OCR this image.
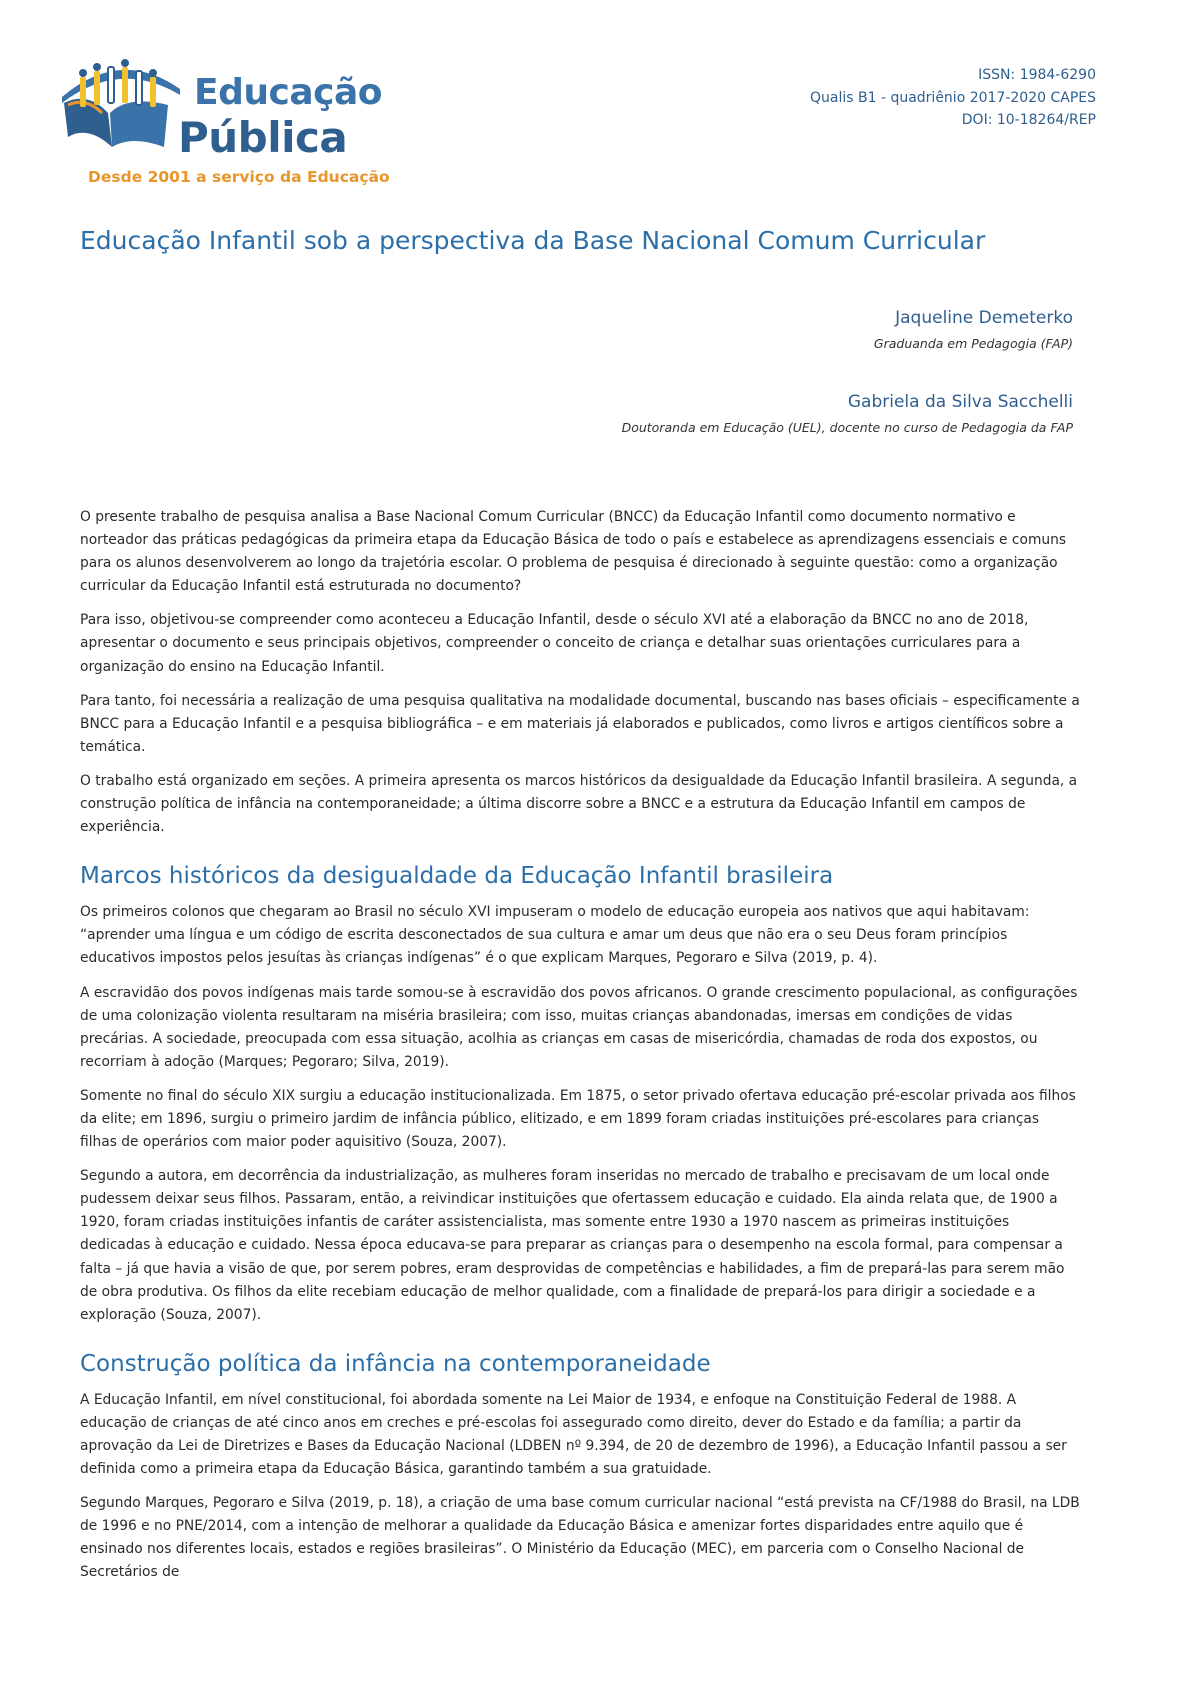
Educação
Pública
Desde 2001 a serviço da Educação
ISSN: 1984-6290
Qualis B1 - quadriênio 2017-2020 CAPES
DOI: 10-18264/REP
Educação Infantil sob a perspectiva da Base Nacional Comum Curricular
Jaqueline Demeterko
Graduanda em Pedagogia (FAP)
Gabriela da Silva Sacchelli
Doutoranda em Educação (UEL), docente no curso de Pedagogia da FAP

O presente trabalho de pesquisa analisa a Base Nacional Comum Curricular (BNCC) da Educação Infantil como documento normativo e norteador das práticas pedagógicas da primeira etapa da Educação Básica de todo o país e estabelece as aprendizagens essenciais e comuns para os alunos desenvolverem ao longo da trajetória escolar. O problema de pesquisa é direcionado à seguinte questão: como a organização curricular da Educação Infantil está estruturada no documento?

Para isso, objetivou-se compreender como aconteceu a Educação Infantil, desde o século XVI até a elaboração da BNCC no ano de 2018, apresentar o documento e seus principais objetivos, compreender o conceito de criança e detalhar suas orientações curriculares para a organização do ensino na Educação Infantil.

Para tanto, foi necessária a realização de uma pesquisa qualitativa na modalidade documental, buscando nas bases oficiais – especificamente a BNCC para a Educação Infantil e a pesquisa bibliográfica – e em materiais já elaborados e publicados, como livros e artigos científicos sobre a temática.

O trabalho está organizado em seções. A primeira apresenta os marcos históricos da desigualdade da Educação Infantil brasileira. A segunda, a construção política de infância na contemporaneidade; a última discorre sobre a BNCC e a estrutura da Educação Infantil em campos de experiência.

Marcos históricos da desigualdade da Educação Infantil brasileira

Os primeiros colonos que chegaram ao Brasil no século XVI impuseram o modelo de educação europeia aos nativos que aqui habitavam: “aprender uma língua e um código de escrita desconectados de sua cultura e amar um deus que não era o seu Deus foram princípios educativos impostos pelos jesuítas às crianças indígenas” é o que explicam Marques, Pegoraro e Silva (2019, p. 4).

A escravidão dos povos indígenas mais tarde somou-se à escravidão dos povos africanos. O grande crescimento populacional, as configurações de uma colonização violenta resultaram na miséria brasileira; com isso, muitas crianças abandonadas, imersas em condições de vidas precárias. A sociedade, preocupada com essa situação, acolhia as crianças em casas de misericórdia, chamadas de roda dos expostos, ou recorriam à adoção (Marques; Pegoraro; Silva, 2019).

Somente no final do século XIX surgiu a educação institucionalizada. Em 1875, o setor privado ofertava educação pré-escolar privada aos filhos da elite; em 1896, surgiu o primeiro jardim de infância público, elitizado, e em 1899 foram criadas instituições pré-escolares para crianças filhas de operários com maior poder aquisitivo (Souza, 2007).

Segundo a autora, em decorrência da industrialização, as mulheres foram inseridas no mercado de trabalho e precisavam de um local onde pudessem deixar seus filhos. Passaram, então, a reivindicar instituições que ofertassem educação e cuidado. Ela ainda relata que, de 1900 a 1920, foram criadas instituições infantis de caráter assistencialista, mas somente entre 1930 a 1970 nascem as primeiras instituições dedicadas à educação e cuidado. Nessa época educava-se para preparar as crianças para o desempenho na escola formal, para compensar a falta – já que havia a visão de que, por serem pobres, eram desprovidas de competências e habilidades, a fim de prepará-las para serem mão de obra produtiva. Os filhos da elite recebiam educação de melhor qualidade, com a finalidade de prepará-los para dirigir a sociedade e a exploração (Souza, 2007).

Construção política da infância na contemporaneidade

A Educação Infantil, em nível constitucional, foi abordada somente na Lei Maior de 1934, e enfoque na Constituição Federal de 1988. A educação de crianças de até cinco anos em creches e pré-escolas foi assegurado como direito, dever do Estado e da família; a partir da aprovação da Lei de Diretrizes e Bases da Educação Nacional (LDBEN nº 9.394, de 20 de dezembro de 1996), a Educação Infantil passou a ser definida como a primeira etapa da Educação Básica, garantindo também a sua gratuidade.

Segundo Marques, Pegoraro e Silva (2019, p. 18), a criação de uma base comum curricular nacional “está prevista na CF/1988 do Brasil, na LDB de 1996 e no PNE/2014, com a intenção de melhorar a qualidade da Educação Básica e amenizar fortes disparidades entre aquilo que é ensinado nos diferentes locais, estados e regiões brasileiras”. O Ministério da Educação (MEC), em parceria com o Conselho Nacional de Secretários de
